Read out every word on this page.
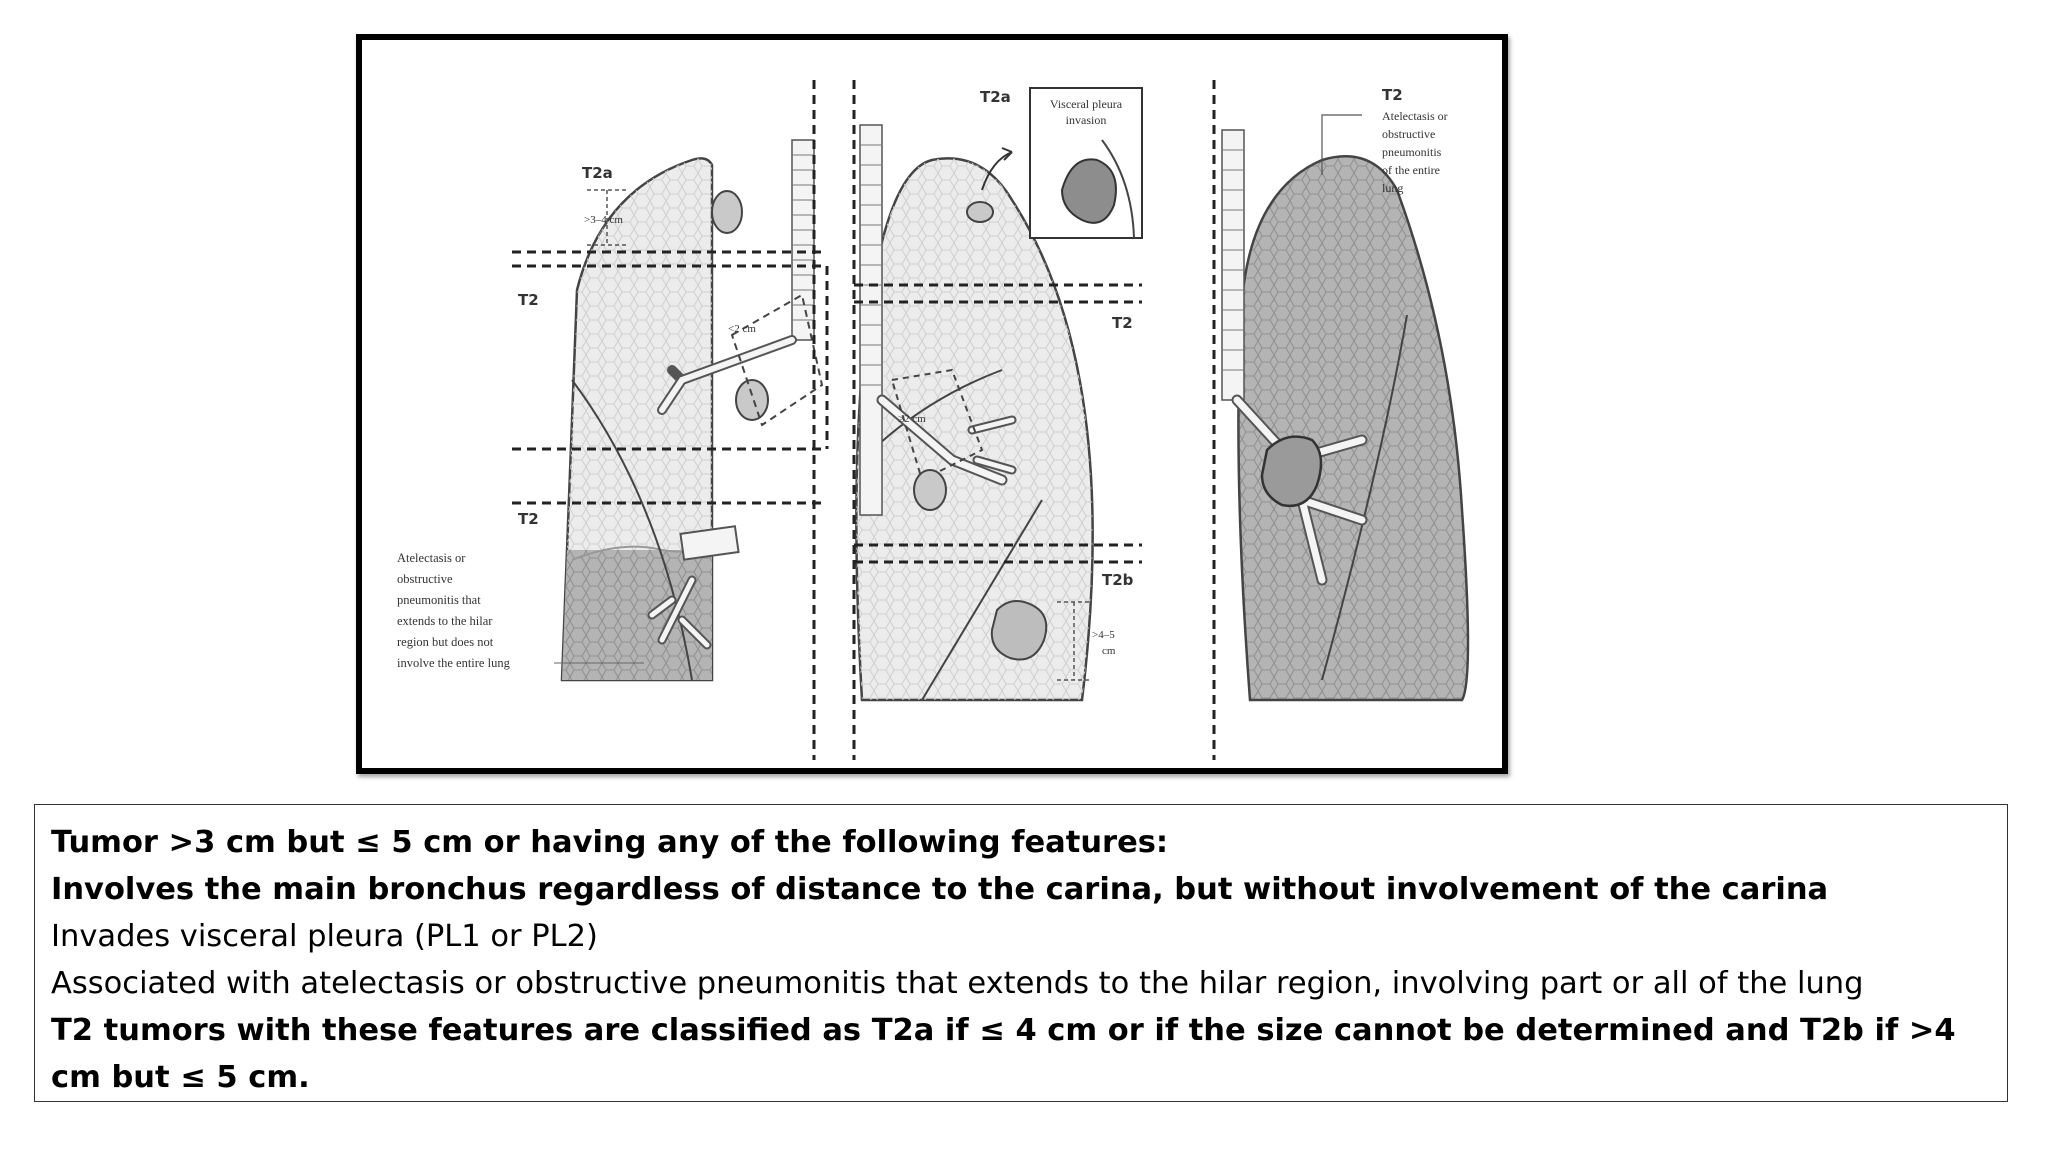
T2a
>3–4 cm
T2
<2 cm
T2
Atelectasis or
obstructive
pneumonitis that
extends to the hilar
region but does not
involve the entire lung
Visceral pleura
invasion
T2a
T2
≥2 cm
T2b
>4–5
cm
T2
Atelectasis or
obstructive
pneumonitis
of the entire
lung

Tumor >3 cm but ≤ 5 cm or having any of the following features:

Involves the main bronchus regardless of distance to the carina, but without involvement of the carina

Invades visceral pleura (PL1 or PL2)

Associated with atelectasis or obstructive pneumonitis that extends to the hilar region, involving part or all of the lung

T2 tumors with these features are classified as T2a if ≤ 4 cm or if the size cannot be determined and T2b if >4 cm but ≤ 5 cm.
